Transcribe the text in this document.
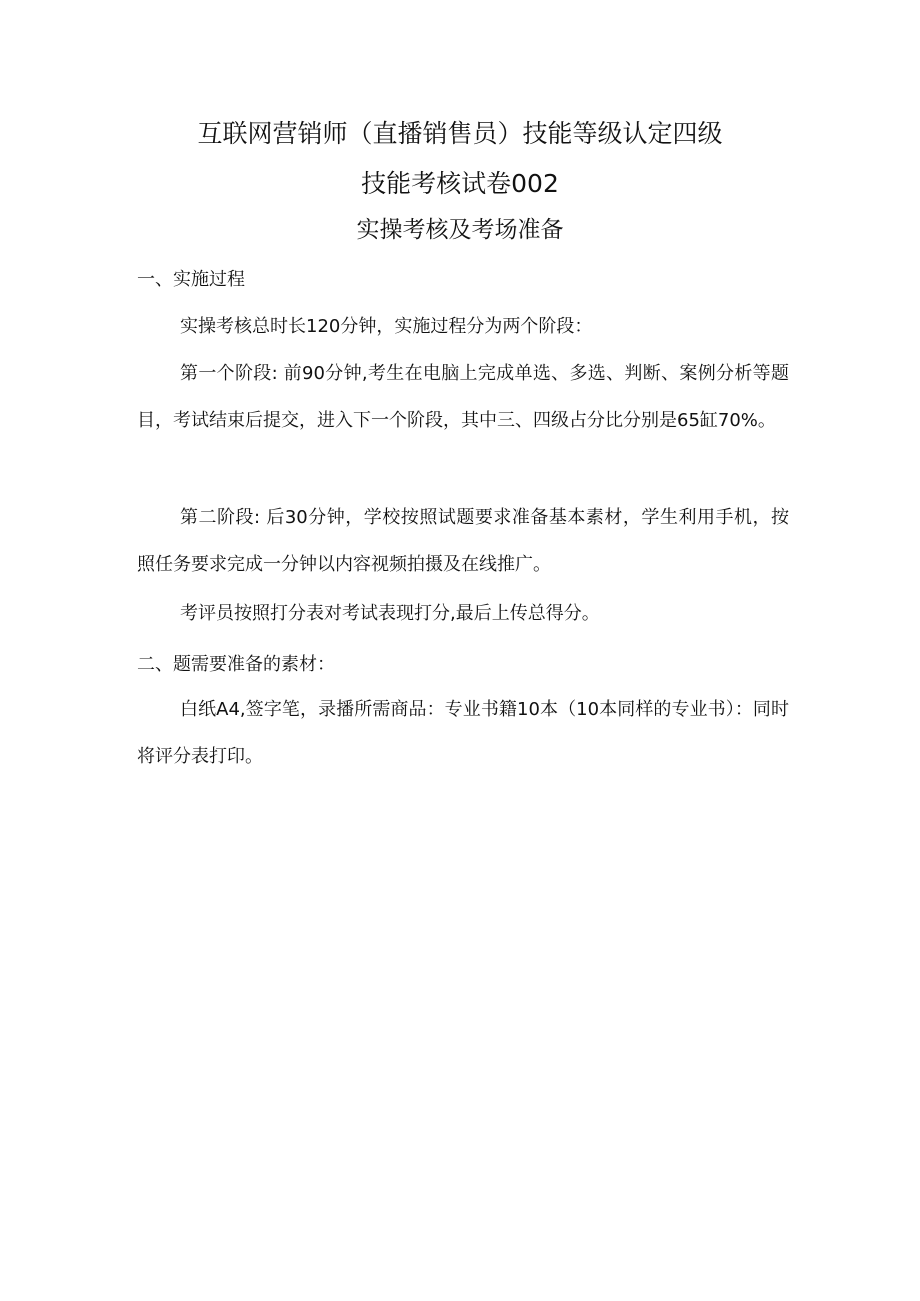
互联网营销师（直播销售员）技能等级认定四级
技能考核试卷002
实操考核及考场准备
一、实施过程

实操考核总时长120分钟，实施过程分为两个阶段：

第一个阶段: 前90分钟,考生在电脑上完成单选、多选、判断、案例分析等题目，考试结束后提交，进入下一个阶段，其中三、四级占分比分别是65缸70%。

第二阶段: 后30分钟，学校按照试题要求准备基本素材，学生利用手机，按照任务要求完成一分钟以内容视频拍摄及在线推广。

考评员按照打分表对考试表现打分,最后上传总得分。

二、题需要准备的素材：

白纸A4,签字笔，录播所需商品：专业书籍10本（10本同样的专业书）：同时将评分表打印。
